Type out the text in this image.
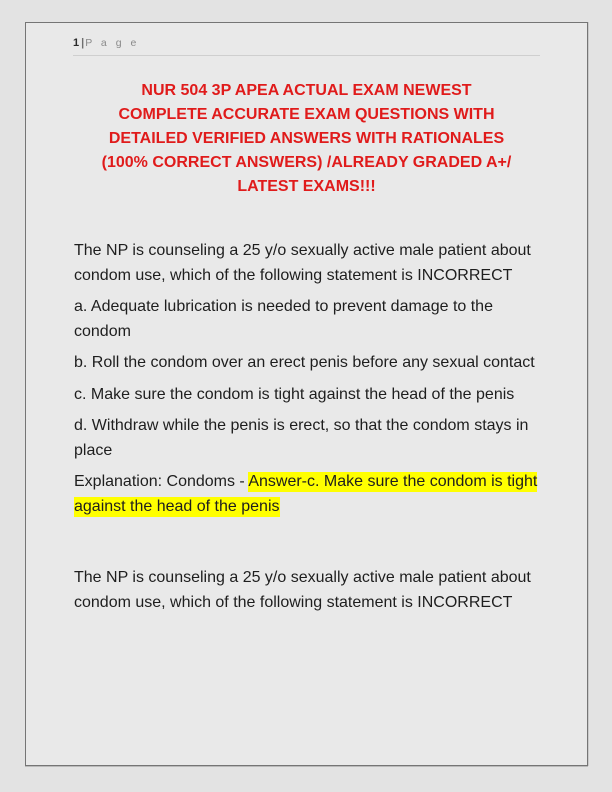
1|P a g e
NUR 504 3P APEA ACTUAL EXAM NEWEST
COMPLETE ACCURATE EXAM QUESTIONS WITH
DETAILED VERIFIED ANSWERS WITH RATIONALES
(100% CORRECT ANSWERS) /ALREADY GRADED A+/
LATEST EXAMS!!!

The NP is counseling a 25 y/o sexually active male patient about condom use, which of the following statement is INCORRECT

a. Adequate lubrication is needed to prevent damage to the condom

b. Roll the condom over an erect penis before any sexual contact

c. Make sure the condom is tight against the head of the penis

d. Withdraw while the penis is erect, so that the condom stays in place

Explanation: Condoms - Answer-c. Make sure the condom is tight against the head of the penis

The NP is counseling a 25 y/o sexually active male patient about condom use, which of the following statement is INCORRECT
